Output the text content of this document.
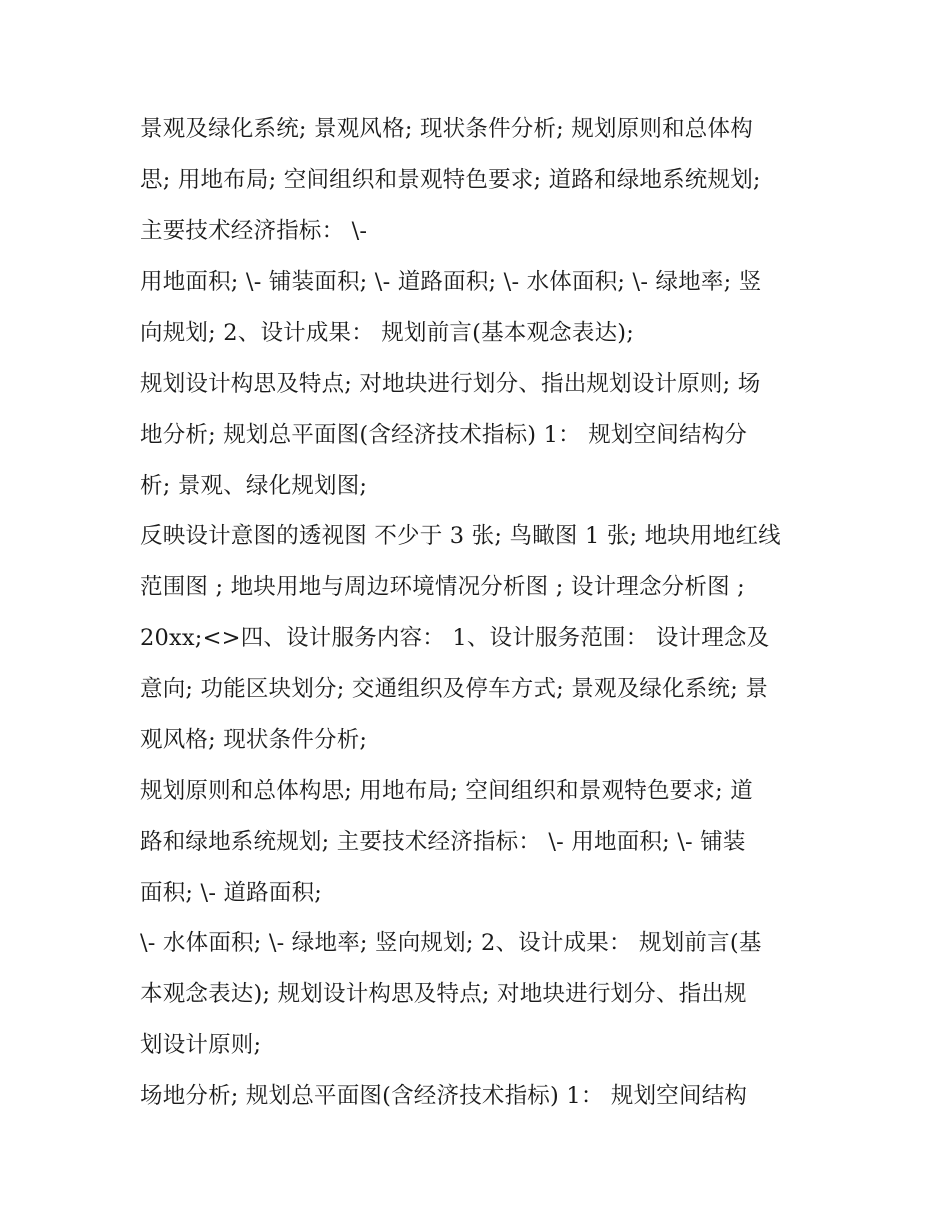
景观及绿化系统; 景观风格; 现状条件分析; 规划原则和总体构
思; 用地布局; 空间组织和景观特色要求; 道路和绿地系统规划;
主要技术经济指标： \-
用地面积; \- 铺装面积; \- 道路面积; \- 水体面积; \- 绿地率; 竖
向规划; 2、设计成果： 规划前言(基本观念表达);
规划设计构思及特点; 对地块进行划分、指出规划设计原则; 场
地分析; 规划总平面图(含经济技术指标) 1： 规划空间结构分
析; 景观、绿化规划图;
反映设计意图的透视图 不少于 3 张; 鸟瞰图 1 张; 地块用地红线
范围图 ; 地块用地与周边环境情况分析图 ; 设计理念分析图 ;
20xx;<>四、设计服务内容： 1、设计服务范围： 设计理念及
意向; 功能区块划分; 交通组织及停车方式; 景观及绿化系统; 景
观风格; 现状条件分析;
规划原则和总体构思; 用地布局; 空间组织和景观特色要求; 道
路和绿地系统规划; 主要技术经济指标： \- 用地面积; \- 铺装
面积; \- 道路面积;
\- 水体面积; \- 绿地率; 竖向规划; 2、设计成果： 规划前言(基
本观念表达); 规划设计构思及特点; 对地块进行划分、指出规
划设计原则;
场地分析; 规划总平面图(含经济技术指标) 1： 规划空间结构
